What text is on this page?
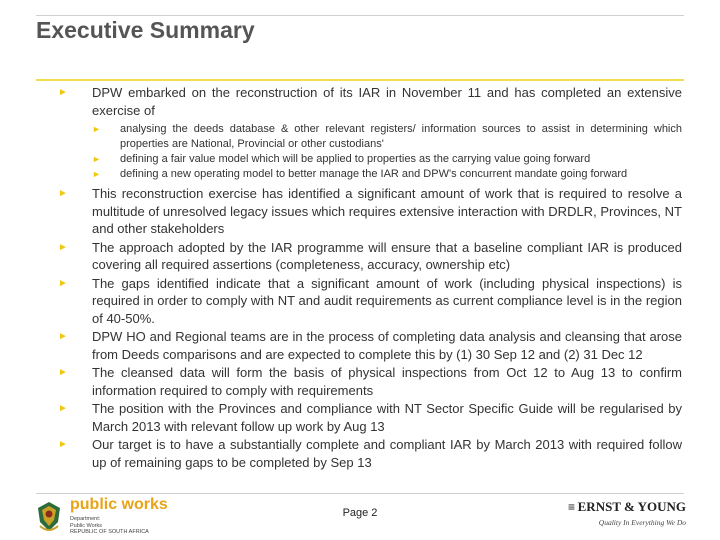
Executive Summary
► DPW embarked on the reconstruction of its IAR in November 11 and has completed an extensive exercise of
► analysing the deeds database & other relevant registers/ information sources to assist in determining which properties are National, Provincial or other custodians'
► defining a fair value model which will be applied to properties as the carrying value going forward
► defining a new operating model to better manage the IAR and DPW's concurrent mandate going forward
► This reconstruction exercise has identified a significant amount of work that is required to resolve a multitude of unresolved legacy issues which requires extensive interaction with DRDLR, Provinces, NT and other stakeholders
► The approach adopted by the IAR programme will ensure that a baseline compliant IAR is produced covering all required assertions (completeness, accuracy, ownership etc)
► The gaps identified indicate that a significant amount of work (including physical inspections) is required in order to comply with NT and audit requirements as current compliance level is in the region of 40-50%.
► DPW HO and Regional teams are in the process of completing data analysis and cleansing that arose from Deeds comparisons and are expected to complete this by (1) 30 Sep 12 and (2) 31 Dec 12
► The cleansed data will form the basis of physical inspections from Oct 12 to Aug 13 to confirm information required to comply with requirements
► The position with the Provinces and compliance with NT Sector Specific Guide will be regularised by March 2013 with relevant follow up work by Aug 13
► Our target is to have a substantially complete and compliant IAR by March 2013 with required follow up of remaining gaps to be completed by Sep 13
public works
Department:
Public Works
REPUBLIC OF SOUTH AFRICA
Page 2	≡ ERNST & YOUNG
Quality In Everything We Do
